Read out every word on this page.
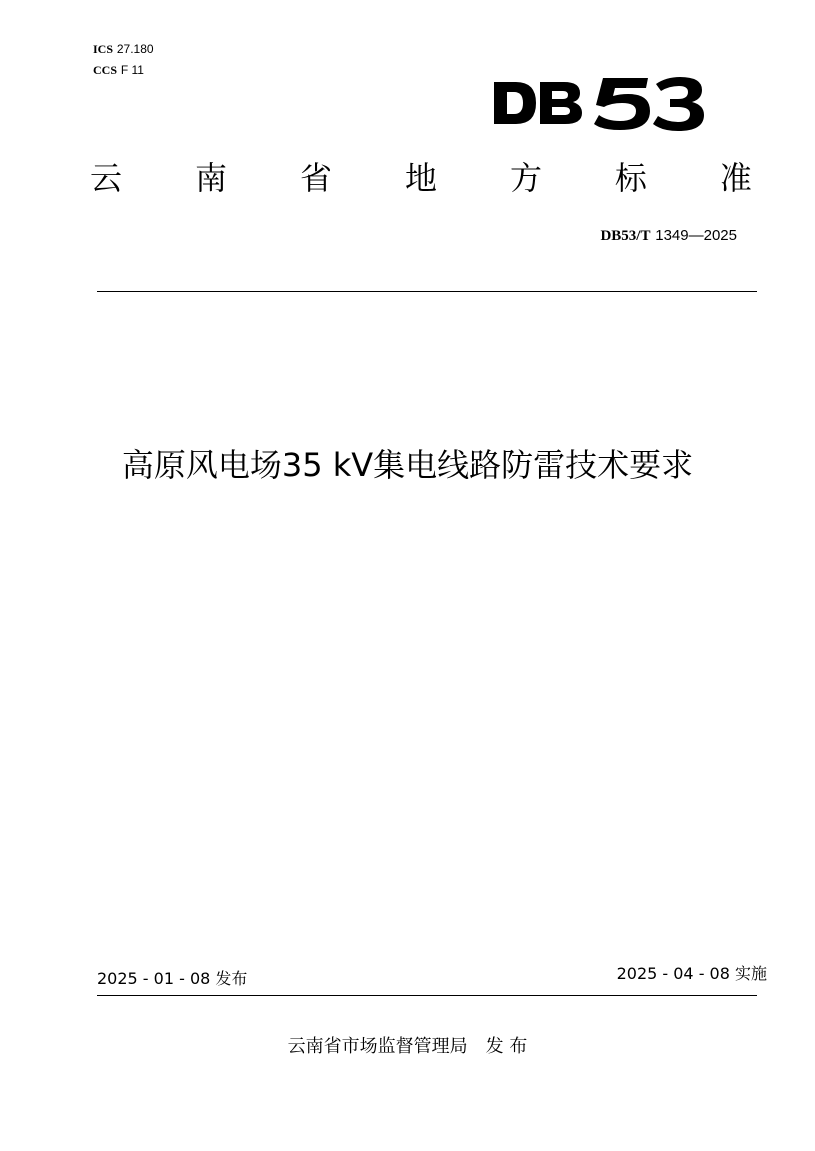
ICS 27.180
CCS F 11
云 南 省 地 方 标 准
DB53/T 1349—2025
高原风电场35 kV集电线路防雷技术要求
2025 - 01 - 08 发布	2025 - 04 - 08 实施
云南省市场监督管理局　发 布
